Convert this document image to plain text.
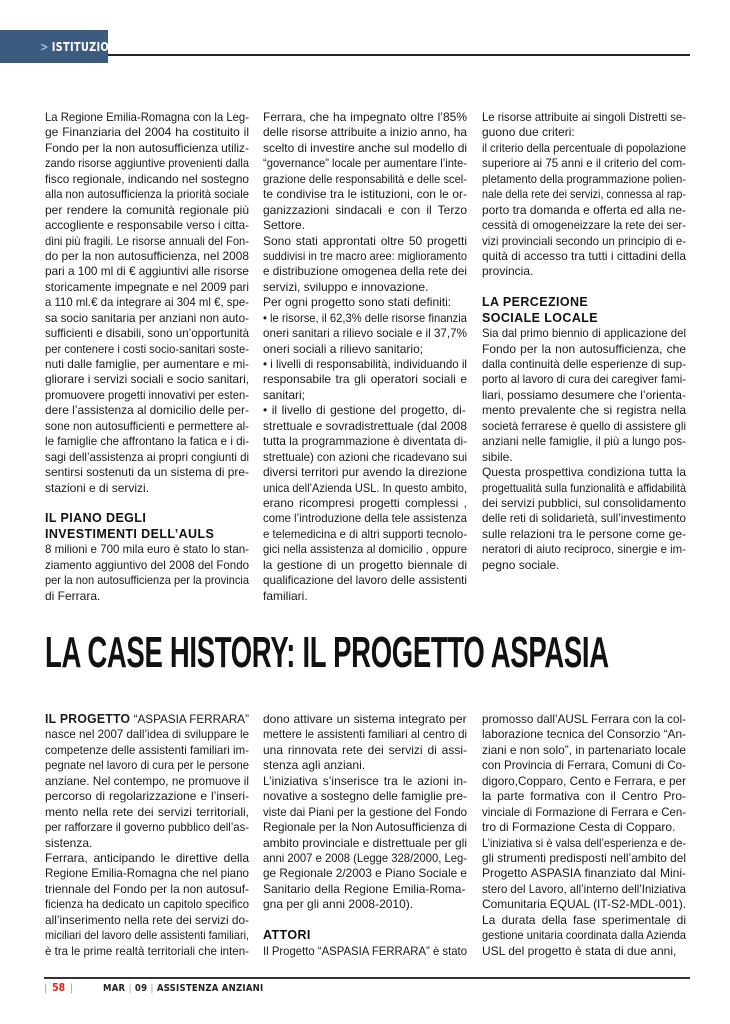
> ISTITUZIONI
La Regione Emilia-Romagna con la Leg-
ge Finanziaria del 2004 ha costituito il
Fondo per la non autosufficienza utiliz-
zando risorse aggiuntive provenienti dalla
fisco regionale, indicando nel sostegno
alla non autosufficienza la priorità sociale
per rendere la comunità regionale più
accogliente e responsabile verso i citta-
dini più fragili. Le risorse annuali del Fon-
do per la non autosufficienza, nel 2008
pari a 100 ml di € aggiuntivi alle risorse
storicamente impegnate e nel 2009 pari
a 110 ml.€ da integrare ai 304 ml €, spe-
sa socio sanitaria per anziani non auto-
sufficienti e disabili, sono un’opportunità
per contenere i costi socio-sanitari soste-
nuti dalle famiglie, per aumentare e mi-
gliorare i servizi sociali e socio sanitari,
promuovere progetti innovativi per esten-
dere l’assistenza al domicilio delle per-
sone non autosufficienti e permettere al-
le famiglie che affrontano la fatica e i di-
sagi dell’assistenza ai propri congiunti di
sentirsi sostenuti da un sistema di pre-
stazioni e di servizi.
IL PIANO DEGLI
INVESTIMENTI DELL’AULS
8 milioni e 700 mila euro è stato lo stan-
ziamento aggiuntivo del 2008 del Fondo
per la non autosufficienza per la provincia
di Ferrara.
Ferrara, che ha impegnato oltre l’85%
delle risorse attribuite a inizio anno, ha
scelto di investire anche sul modello di
“governance” locale per aumentare l’inte-
grazione delle responsabilità e delle scel-
te condivise tra le istituzioni, con le or-
ganizzazioni sindacali e con il Terzo
Settore.
Sono stati approntati oltre 50 progetti
suddivisi in tre macro aree: miglioramento
e distribuzione omogenea della rete dei
servizi, sviluppo e innovazione.
Per ogni progetto sono stati definiti:
• le risorse, il 62,3% delle risorse finanzia
oneri sanitari a rilievo sociale e il 37,7%
oneri sociali a rilievo sanitario;
• i livelli di responsabilità, individuando il
responsabile tra gli operatori sociali e
sanitari;
• il livello di gestione del progetto, di-
strettuale e sovradistrettuale (dal 2008
tutta la programmazione è diventata di-
strettuale) con azioni che ricadevano sui
diversi territori pur avendo la direzione
unica dell’Azienda USL. In questo ambito,
erano ricompresi progetti complessi ,
come l’introduzione della tele assistenza
e telemedicina e di altri supporti tecnolo-
gici nella assistenza al domicilio , oppure
la gestione di un progetto biennale di
qualificazione del lavoro delle assistenti
familiari.
Le risorse attribuite ai singoli Distretti se-
guono due criteri:
il criterio della percentuale di popolazione
superiore ai 75 anni e il criterio del com-
pletamento della programmazione polien-
nale della rete dei servizi, connessa al rap-
porto tra domanda e offerta ed alla ne-
cessità di omogeneizzare la rete dei ser-
vizi provinciali secondo un principio di e-
quità di accesso tra tutti i cittadini della
provincia.
LA PERCEZIONE
SOCIALE LOCALE
Sia dal primo biennio di applicazione del
Fondo per la non autosufficienza, che
dalla continuità delle esperienze di sup-
porto al lavoro di cura dei caregiver fami-
liari, possiamo desumere che l’orienta-
mento prevalente che si registra nella
società ferrarese è quello di assistere gli
anziani nelle famiglie, il più a lungo pos-
sibile.
Questa prospettiva condiziona tutta la
progettualità sulla funzionalità e affidabilità
dei servizi pubblici, sul consolidamento
delle reti di solidarietà, sull’investimento
sulle relazioni tra le persone come ge-
neratori di aiuto reciproco, sinergie e im-
pegno sociale.
LA CASE HISTORY: IL PROGETTO ASPASIA
IL PROGETTO “ASPASIA FERRARA”
nasce nel 2007 dall’idea di sviluppare le
competenze delle assistenti familiari im-
pegnate nel lavoro di cura per le persone
anziane. Nel contempo, ne promuove il
percorso di regolarizzazione e l’inseri-
mento nella rete dei servizi territoriali,
per rafforzare il governo pubblico dell’as-
sistenza.
Ferrara, anticipando le direttive della
Regione Emilia-Romagna che nel piano
triennale del Fondo per la non autosuf-
ficienza ha dedicato un capitolo specifico
all’inserimento nella rete dei servizi do-
miciliari del lavoro delle assistenti familiari,
è tra le prime realtà territoriali che inten-
dono attivare un sistema integrato per
mettere le assistenti familiari al centro di
una rinnovata rete dei servizi di assi-
stenza agli anziani.
L’iniziativa s’inserisce tra le azioni in-
novative a sostegno delle famiglie pre-
viste dai Piani per la gestione del Fondo
Regionale per la Non Autosufficienza di
ambito provinciale e distrettuale per gli
anni 2007 e 2008 (Legge 328/2000, Leg-
ge Regionale 2/2003 e Piano Sociale e
Sanitario della Regione Emilia-Roma-
gna per gli anni 2008-2010).
ATTORI
Il Progetto “ASPASIA FERRARA” è stato
promosso dall’AUSL Ferrara con la col-
laborazione tecnica del Consorzio “An-
ziani e non solo”, in partenariato locale
con Provincia di Ferrara, Comuni di Co-
digoro,Copparo, Cento e Ferrara, e per
la parte formativa con il Centro Pro-
vinciale di Formazione di Ferrara e Cen-
tro di Formazione Cesta di Copparo.
L’iniziativa si è valsa dell’esperienza e de-
gli strumenti predisposti nell’ambito del
Progetto ASPASIA finanziato dal Mini-
stero del Lavoro, all’interno dell’Iniziativa
Comunitaria EQUAL (IT-S2-MDL-001).
La durata della fase sperimentale di
gestione unitaria coordinata dalla Azienda
USL del progetto è stata di due anni,
| 58 |	MAR | 09 | ASSISTENZA ANZIANI
